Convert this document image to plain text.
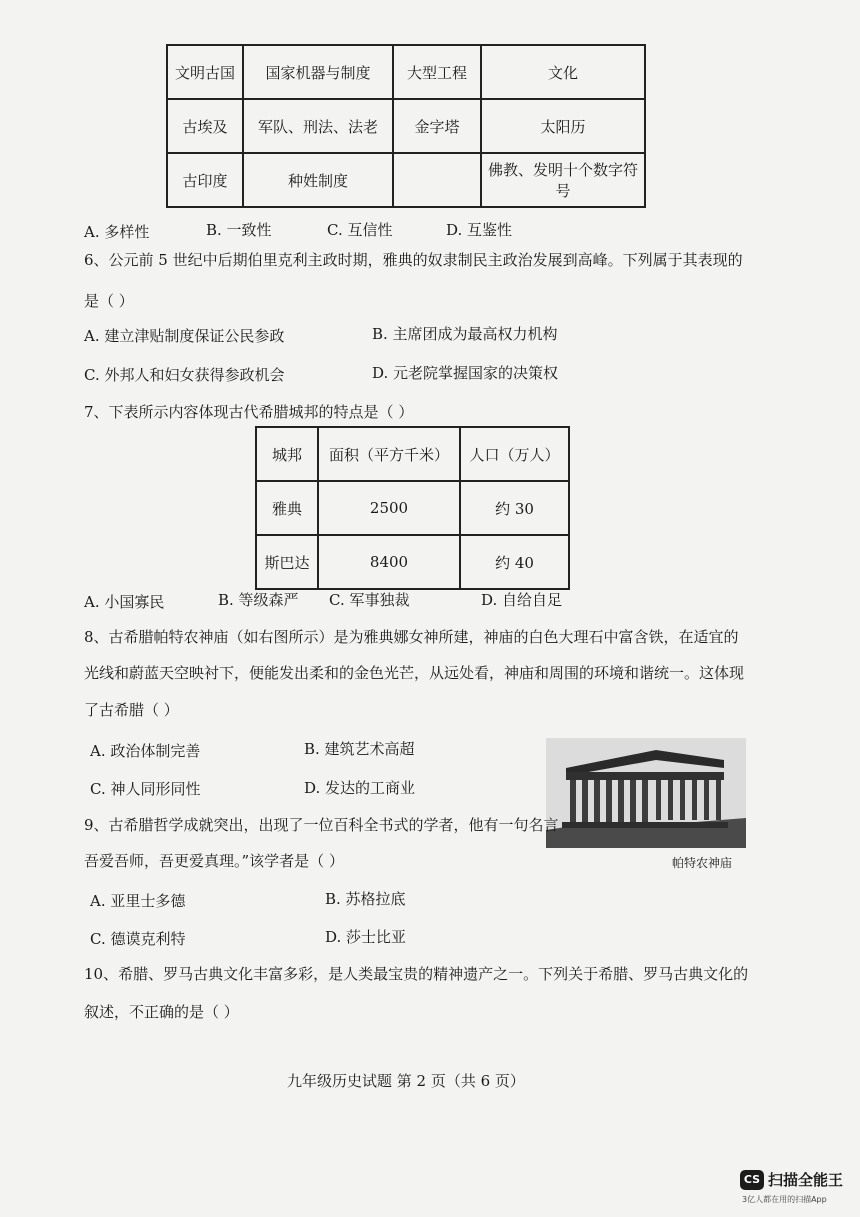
文明古国	国家机器与制度	大型工程	文化
古埃及	军队、刑法、法老	金字塔	太阳历
古印度	种姓制度		佛教、发明十个数字符号
A. 多样性	B. 一致性	C. 互信性	D. 互鉴性
6、公元前 5 世纪中后期伯里克利主政时期，雅典的奴隶制民主政治发展到高峰。下列属于其表现的
是（ ）
A. 建立津贴制度保证公民参政	B. 主席团成为最高权力机构
C. 外邦人和妇女获得参政机会	D. 元老院掌握国家的决策权
7、下表所示内容体现古代希腊城邦的特点是（ ）
城邦	面积（平方千米）	人口（万人）
雅典	2500	约 30
斯巴达	8400	约 40
A. 小国寡民	B. 等级森严 C. 军事独裁	D. 自给自足
8、古希腊帕特农神庙（如右图所示）是为雅典娜女神所建，神庙的白色大理石中富含铁，在适宜的
光线和蔚蓝天空映衬下，便能发出柔和的金色光芒，从远处看，神庙和周围的环境和谐统一。这体现
了古希腊（ ）
A. 政治体制完善	B. 建筑艺术高超
C. 神人同形同性	D. 发达的工商业
帕特农神庙
9、古希腊哲学成就突出，出现了一位百科全书式的学者，他有一句名言
吾爱吾师，吾更爱真理。”该学者是（ ）
A. 亚里士多德	B. 苏格拉底
C. 德谟克利特	D. 莎士比亚
10、希腊、罗马古典文化丰富多彩，是人类最宝贵的精神遗产之一。下列关于希腊、罗马古典文化的
叙述，不正确的是（ ）
九年级历史试题 第 2 页（共 6 页）
CS 扫描全能王
3亿人都在用的扫描App
